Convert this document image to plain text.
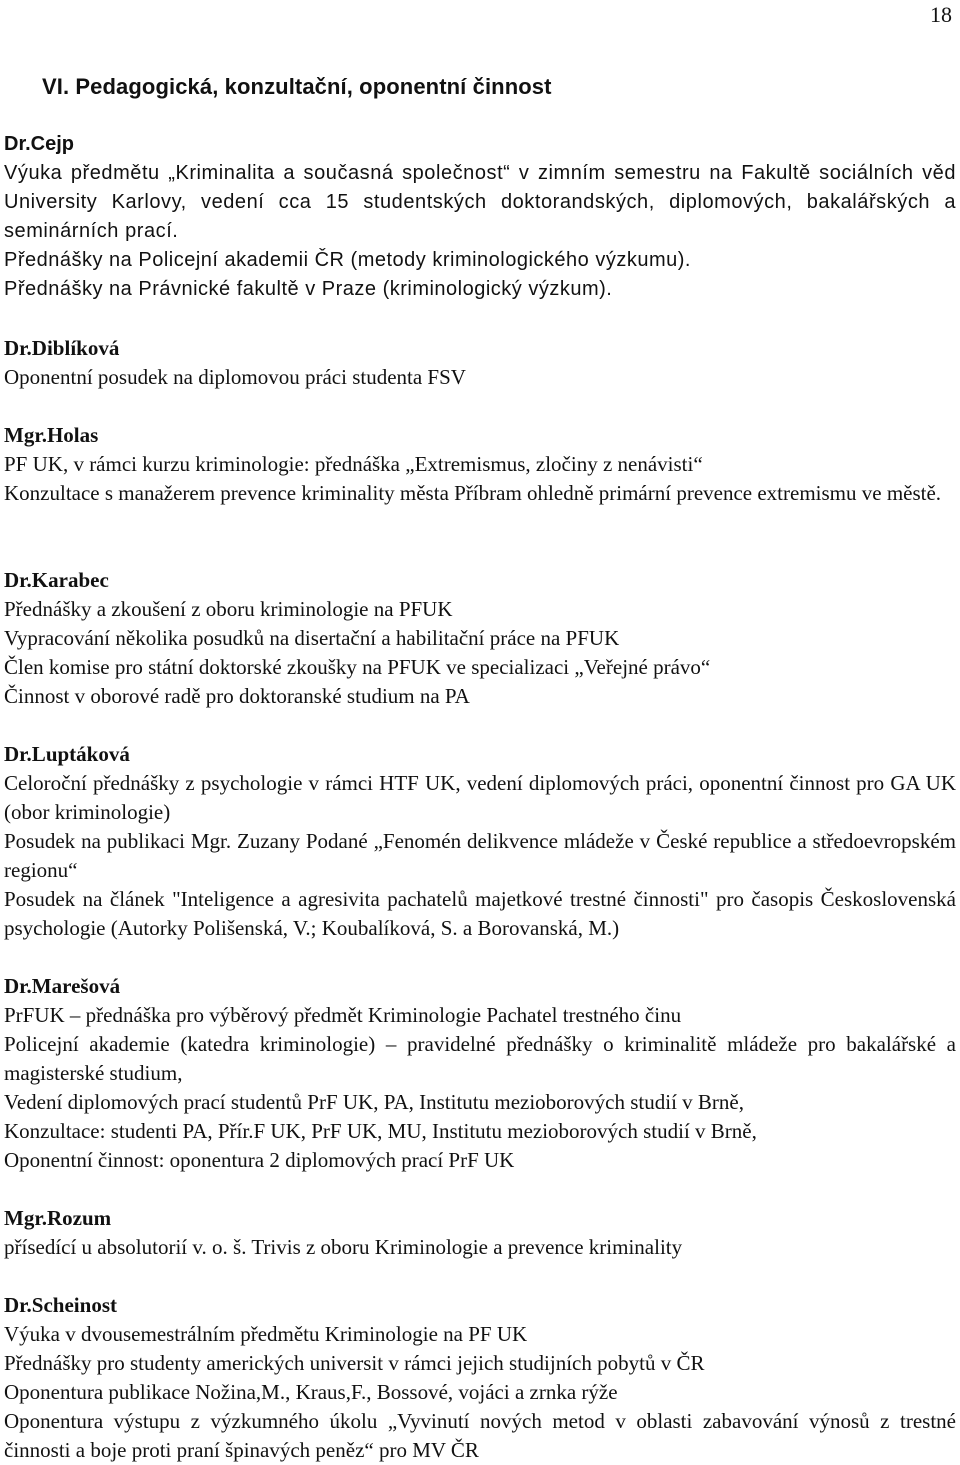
18
VI. Pedagogická, konzultační, oponentní činnost
Dr.Cejp
Výuka předmětu „Kriminalita a současná společnost“ v zimním semestru na Fakultě sociálních věd University Karlovy, vedení cca 15 studentských doktorandských, diplomových, bakalářských a seminárních prací.
Přednášky na Policejní akademii ČR (metody kriminologického výzkumu).
Přednášky na Právnické fakultě v Praze (kriminologický výzkum).
Dr.Diblíková
Oponentní posudek na diplomovou práci studenta FSV
Mgr.Holas
PF UK, v rámci kurzu kriminologie: přednáška „Extremismus, zločiny z nenávisti“
Konzultace s manažerem prevence kriminality města Příbram ohledně primární prevence extremismu ve městě.
Dr.Karabec
Přednášky a zkoušení z oboru kriminologie na PFUK
Vypracování několika posudků na disertační a habilitační práce na PFUK
Člen komise pro státní doktorské zkoušky na PFUK ve specializaci „Veřejné právo“
Činnost v oborové radě pro doktoranské studium na PA
Dr.Luptáková
Celoroční přednášky z psychologie v rámci HTF UK, vedení diplomových práci, oponentní činnost pro GA UK (obor kriminologie)
Posudek na publikaci Mgr. Zuzany Podané „Fenomén delikvence mládeže v České republice a středoevropském regionu“
Posudek na článek "Inteligence a agresivita pachatelů majetkové trestné činnosti" pro časopis Československá psychologie (Autorky Polišenská, V.; Koubalíková, S. a Borovanská, M.)
Dr.Marešová
PrFUK – přednáška pro výběrový předmět Kriminologie Pachatel trestného činu
Policejní akademie (katedra kriminologie) – pravidelné přednášky o kriminalitě mládeže pro bakalářské a magisterské studium,
Vedení diplomových prací studentů PrF UK, PA, Institutu mezioborových studií v Brně,
Konzultace: studenti PA, Přír.F UK, PrF UK, MU, Institutu mezioborových studií v Brně,
Oponentní činnost: oponentura 2 diplomových prací PrF UK
Mgr.Rozum
přísedící u absolutorií v. o. š. Trivis z oboru Kriminologie a prevence kriminality
Dr.Scheinost
Výuka v dvousemestrálním předmětu Kriminologie na PF UK
Přednášky pro studenty amerických universit v rámci jejich studijních pobytů v ČR
Oponentura publikace Nožina,M., Kraus,F., Bossové, vojáci a zrnka rýže
Oponentura výstupu z výzkumného úkolu „Vyvinutí nových metod v oblasti zabavování výnosů z trestné činnosti a boje proti praní špinavých peněz“ pro MV ČR
